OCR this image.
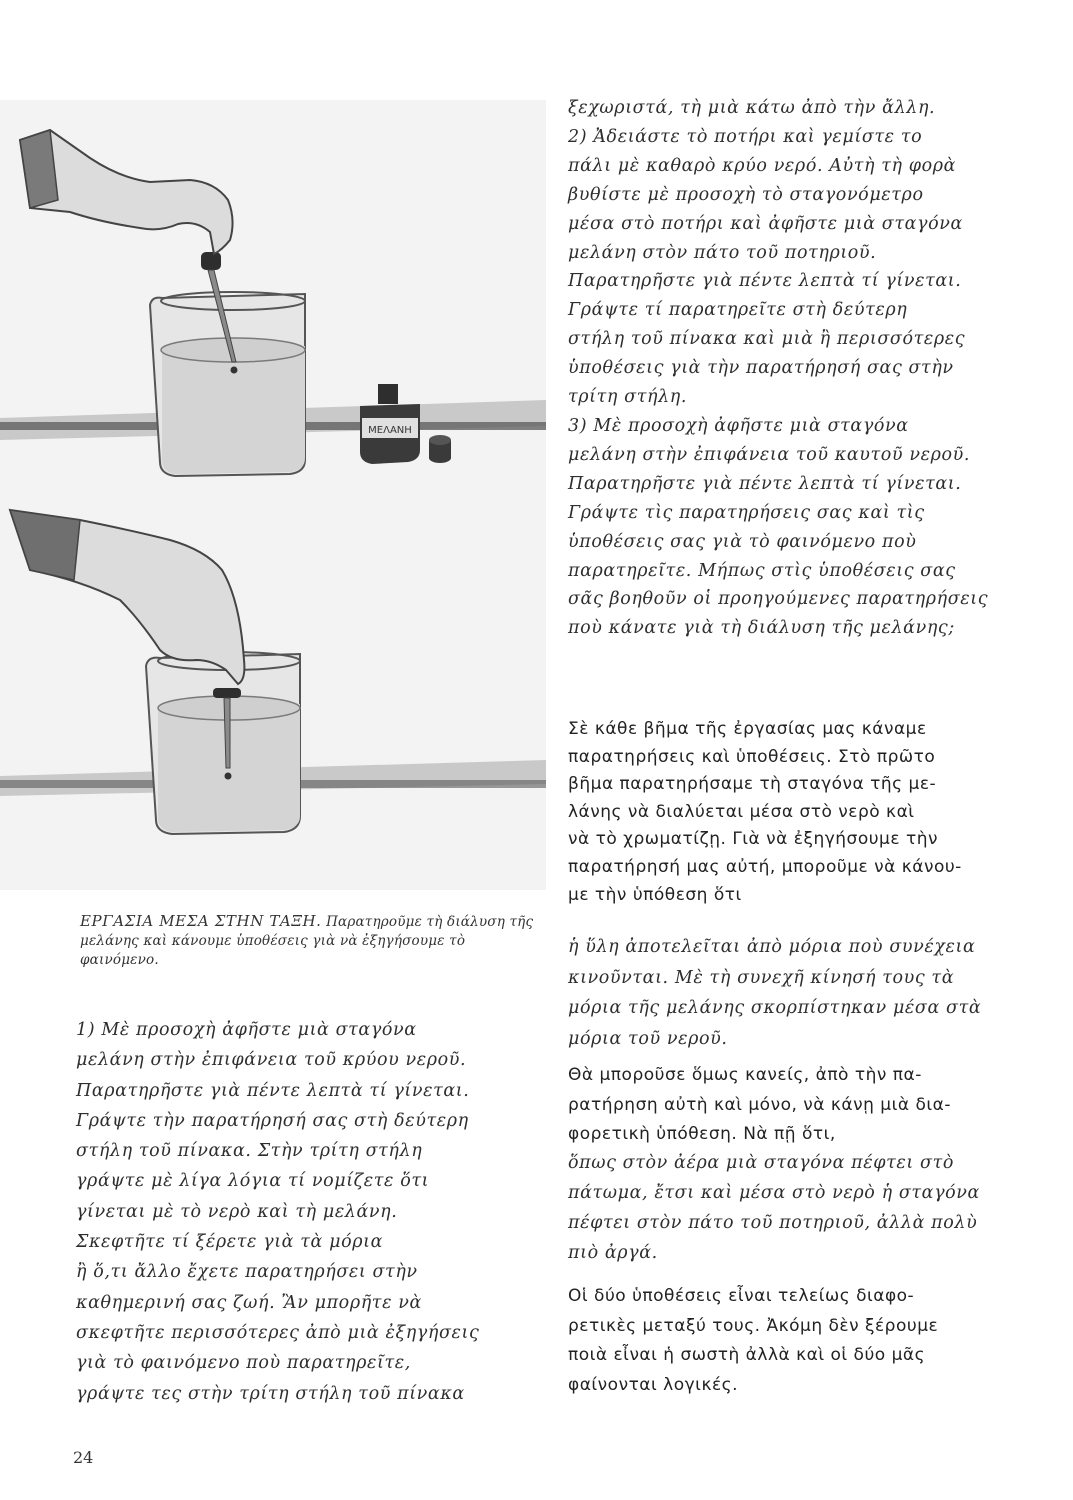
ΜΕΛΑΝΗ
ΕΡΓΑΣΙΑ ΜΕΣΑ ΣΤΗΝ ΤΑΞΗ. Παρατηροῦμε τὴ διάλυση τῆς μελάνης καὶ κάνουμε ὑποθέσεις γιὰ νὰ ἐξηγήσουμε τὸ φαινόμενο.

1) Μὲ προσοχὴ ἀφῆστε μιὰ σταγόνα

μελάνη στὴν ἐπιφάνεια τοῦ κρύου νεροῦ.

Παρατηρῆστε γιὰ πέντε λεπτὰ τί γίνεται.

Γράψτε τὴν παρατήρησή σας στὴ δεύτερη

στήλη τοῦ πίνακα. Στὴν τρίτη στήλη

γράψτε μὲ λίγα λόγια τί νομίζετε ὅτι

γίνεται μὲ τὸ νερὸ καὶ τὴ μελάνη.

Σκεφτῆτε τί ξέρετε γιὰ τὰ μόρια

ἢ ὅ,τι ἄλλο ἔχετε παρατηρήσει στὴν

καθημερινή σας ζωή. Ἂν μπορῆτε νὰ

σκεφτῆτε περισσότερες ἀπὸ μιὰ ἐξηγήσεις

γιὰ τὸ φαινόμενο ποὺ παρατηρεῖτε,

γράψτε τες στὴν τρίτη στήλη τοῦ πίνακα

ξεχωριστά, τὴ μιὰ κάτω ἀπὸ τὴν ἄλλη.

2) Ἀδειάστε τὸ ποτήρι καὶ γεμίστε το

πάλι μὲ καθαρὸ κρύο νερό. Αὐτὴ τὴ φορὰ

βυθίστε μὲ προσοχὴ τὸ σταγονόμετρο

μέσα στὸ ποτήρι καὶ ἀφῆστε μιὰ σταγόνα

μελάνη στὸν πάτο τοῦ ποτηριοῦ.

Παρατηρῆστε γιὰ πέντε λεπτὰ τί γίνεται.

Γράψτε τί παρατηρεῖτε στὴ δεύτερη

στήλη τοῦ πίνακα καὶ μιὰ ἢ περισσότερες

ὑποθέσεις γιὰ τὴν παρατήρησή σας στὴν

τρίτη στήλη.

3) Μὲ προσοχὴ ἀφῆστε μιὰ σταγόνα

μελάνη στὴν ἐπιφάνεια τοῦ καυτοῦ νεροῦ.

Παρατηρῆστε γιὰ πέντε λεπτὰ τί γίνεται.

Γράψτε τὶς παρατηρήσεις σας καὶ τὶς

ὑποθέσεις σας γιὰ τὸ φαινόμενο ποὺ

παρατηρεῖτε. Μήπως στὶς ὑποθέσεις σας

σᾶς βοηθοῦν οἱ προηγούμενες παρατηρήσεις

ποὺ κάνατε γιὰ τὴ διάλυση τῆς μελάνης;

Σὲ κάθε βῆμα τῆς ἐργασίας μας κάναμε

παρατηρήσεις καὶ ὑποθέσεις. Στὸ πρῶτο

βῆμα παρατηρήσαμε τὴ σταγόνα τῆς με-

λάνης νὰ διαλύεται μέσα στὸ νερὸ καὶ

νὰ τὸ χρωματίζῃ. Γιὰ νὰ ἐξηγήσουμε τὴν

παρατήρησή μας αὐτή, μποροῦμε νὰ κάνου-

με τὴν ὑπόθεση ὅτι

ἡ ὕλη ἀποτελεῖται ἀπὸ μόρια ποὺ συνέχεια

κινοῦνται. Μὲ τὴ συνεχῆ κίνησή τους τὰ

μόρια τῆς μελάνης σκορπίστηκαν μέσα στὰ

μόρια τοῦ νεροῦ.

Θὰ μποροῦσε ὅμως κανείς, ἀπὸ τὴν πα-

ρατήρηση αὐτὴ καὶ μόνο, νὰ κάνῃ μιὰ δια-

φορετικὴ ὑπόθεση. Νὰ πῇ ὅτι,

ὅπως στὸν ἀέρα μιὰ σταγόνα πέφτει στὸ

πάτωμα, ἔτσι καὶ μέσα στὸ νερὸ ἡ σταγόνα

πέφτει στὸν πάτο τοῦ ποτηριοῦ, ἀλλὰ πολὺ

πιὸ ἀργά.

Οἱ δύο ὑποθέσεις εἶναι τελείως διαφο-

ρετικὲς μεταξύ τους. Ἀκόμη δὲν ξέρουμε

ποιὰ εἶναι ἡ σωστὴ ἀλλὰ καὶ οἱ δύο μᾶς

φαίνονται λογικές.

24
